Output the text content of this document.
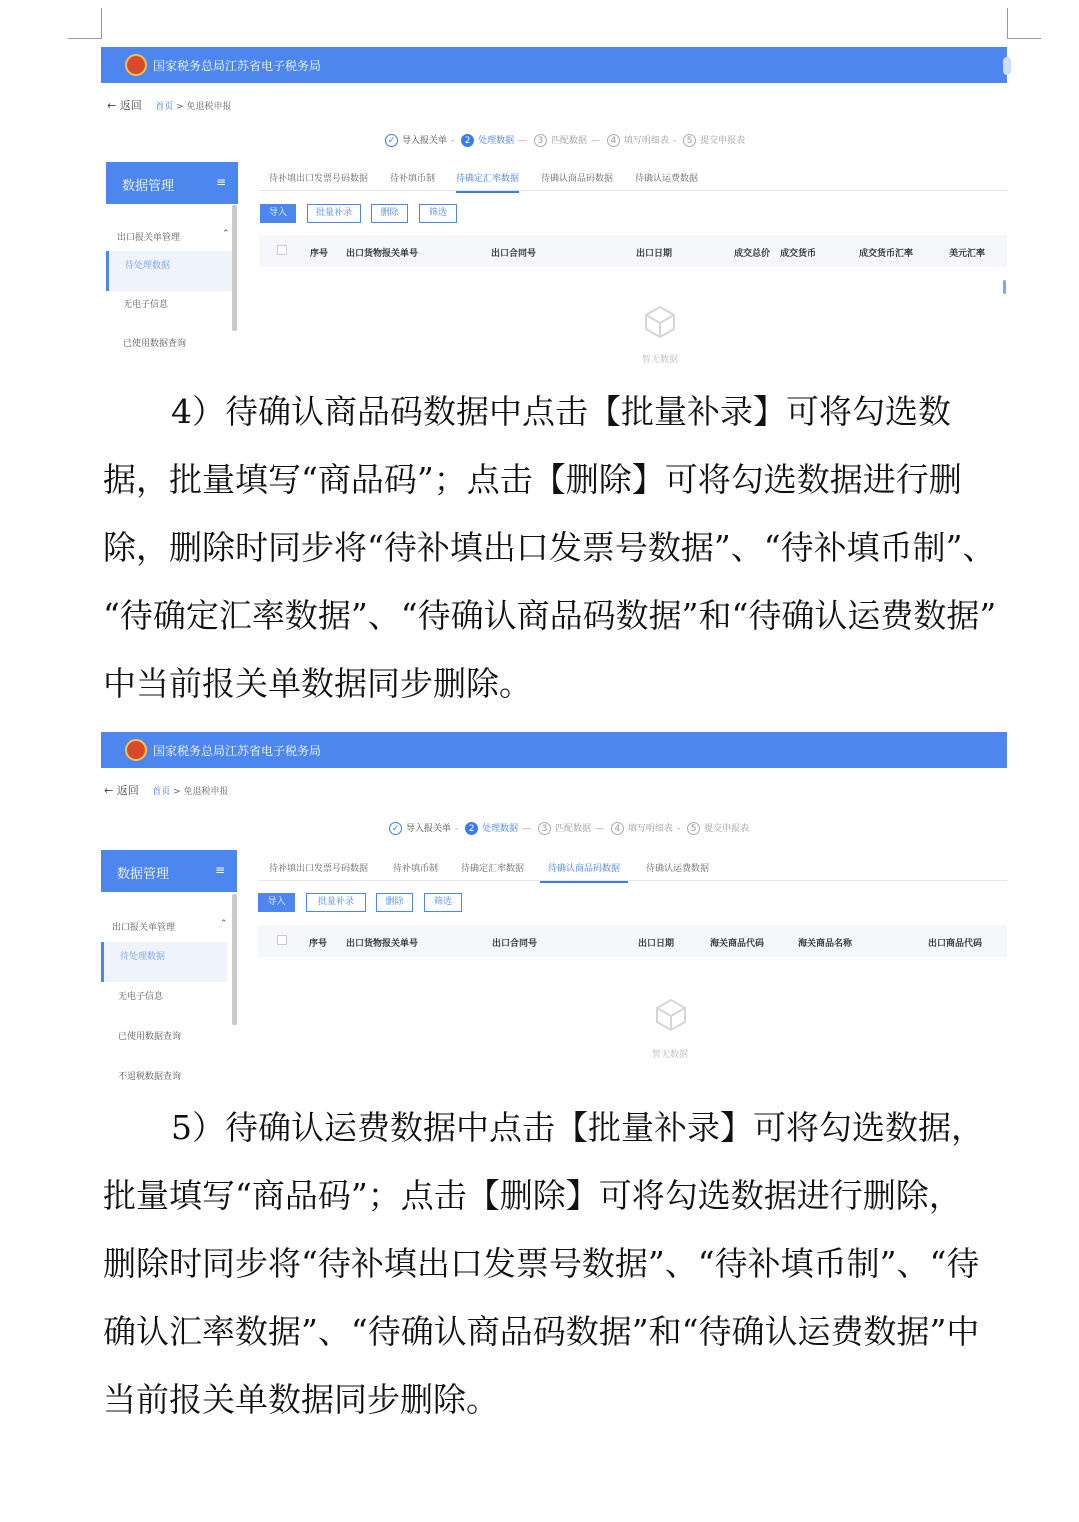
国家税务总局江苏省电子税务局
← 返回 首页 > 免退税申报
✓ 导入报关单 - 2 处理数据 — 3 匹配数据 — 4 填写明细表 - 5 提交申报表
数据管理	≡
出口报关单管理	⌃
待处理数据
无电子信息
已使用数据查询
待补填出口发票号码数据 待补填币制 待确定汇率数据 待确认商品码数据 待确认运费数据
导入	批量补录	删除	筛选
序号 出口货物报关单号	出口合同号	出口日期	成交总价 成交货币	成交货币汇率	美元汇率
暂无数据
4）待确认商品码数据中点击【批量补录】可将勾选数
据，批量填写“商品码”；点击【删除】可将勾选数据进行删
除，删除时同步将“待补填出口发票号数据”、“待补填币制”、
“待确定汇率数据”、“待确认商品码数据”和“待确认运费数据”
中当前报关单数据同步删除。
国家税务总局江苏省电子税务局
← 返回 首页 > 免退税申报
✓ 导入报关单 - 2 处理数据 — 3 匹配数据 — 4 填写明细表 - 5 提交申报表
数据管理	≡
出口报关单管理	⌃
待处理数据
无电子信息
已使用数据查询
不退税数据查询
待补填出口发票号码数据	待补填币制	待确定汇率数据	待确认商品码数据	待确认运费数据
导入	批量补录	删除	筛选
序号 出口货物报关单号	出口合同号	出口日期	海关商品代码	海关商品名称	出口商品代码
暂无数据
5）待确认运费数据中点击【批量补录】可将勾选数据，
批量填写“商品码”；点击【删除】可将勾选数据进行删除，
删除时同步将“待补填出口发票号数据”、“待补填币制”、“待
确认汇率数据”、“待确认商品码数据”和“待确认运费数据”中
当前报关单数据同步删除。
